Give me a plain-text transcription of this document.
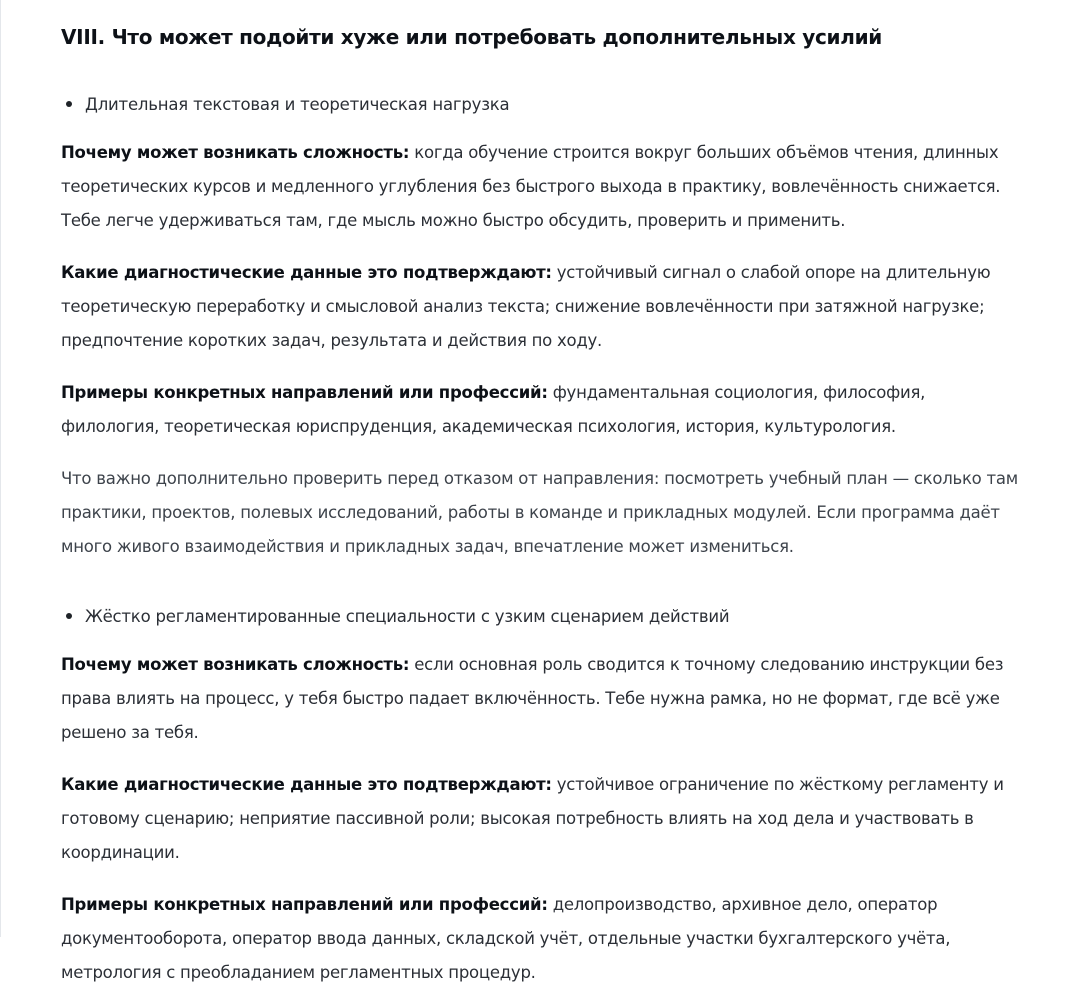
VIII. Что может подойти хуже или потребовать дополнительных усилий
Длительная текстовая и теоретическая нагрузка

Почему может возникать сложность: когда обучение строится вокруг больших объёмов чтения, длинных теоретических курсов и медленного углубления без быстрого выхода в практику, вовлечённость снижается. Тебе легче удерживаться там, где мысль можно быстро обсудить, проверить и применить.

Какие диагностические данные это подтверждают: устойчивый сигнал о слабой опоре на длительную теоретическую переработку и смысловой анализ текста; снижение вовлечённости при затяжной нагрузке; предпочтение коротких задач, результата и действия по ходу.

Примеры конкретных направлений или профессий: фундаментальная социология, философия, филология, теоретическая юриспруденция, академическая психология, история, культурология.

Что важно дополнительно проверить перед отказом от направления: посмотреть учебный план — сколько там практики, проектов, полевых исследований, работы в команде и прикладных модулей. Если программа даёт много живого взаимодействия и прикладных задач, впечатление может измениться.

Жёстко регламентированные специальности с узким сценарием действий

Почему может возникать сложность: если основная роль сводится к точному следованию инструкции без права влиять на процесс, у тебя быстро падает включённость. Тебе нужна рамка, но не формат, где всё уже решено за тебя.

Какие диагностические данные это подтверждают: устойчивое ограничение по жёсткому регламенту и готовому сценарию; неприятие пассивной роли; высокая потребность влиять на ход дела и участвовать в координации.

Примеры конкретных направлений или профессий: делопроизводство, архивное дело, оператор документооборота, оператор ввода данных, складской учёт, отдельные участки бухгалтерского учёта, метрология с преобладанием регламентных процедур.
